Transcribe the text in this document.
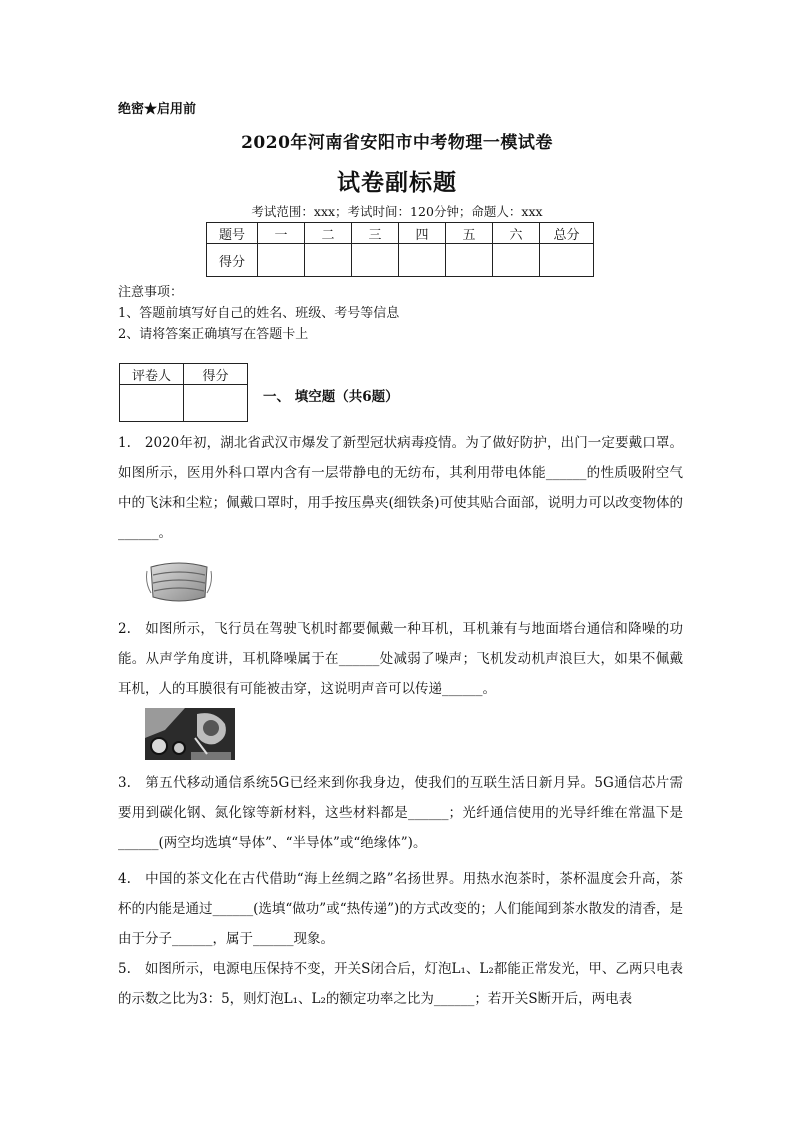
绝密★启用前
2020年河南省安阳市中考物理一模试卷
试卷副标题
考试范围：xxx；考试时间：120分钟；命题人：xxx
题号	一	二	三	四	五	六	总分
得分							
注意事项：
1、答题前填写好自己的姓名、班级、考号等信息
2、请将答案正确填写在答题卡上
评卷人	得分

一、 填空题（共6题）
1. 2020年初，湖北省武汉市爆发了新型冠状病毒疫情。为了做好防护，出门一定要戴口罩。如图所示，医用外科口罩内含有一层带静电的无纺布，其利用带电体能______的性质吸附空气中的飞沫和尘粒；佩戴口罩时，用手按压鼻夹(细铁条)可使其贴合面部，说明力可以改变物体的______。
2. 如图所示，飞行员在驾驶飞机时都要佩戴一种耳机，耳机兼有与地面塔台通信和降噪的功能。从声学角度讲，耳机降噪属于在______处减弱了噪声；飞机发动机声浪巨大，如果不佩戴耳机，人的耳膜很有可能被击穿，这说明声音可以传递______。
3. 第五代移动通信系统5G已经来到你我身边，使我们的互联生活日新月异。5G通信芯片需要用到碳化钢、氮化镓等新材料，这些材料都是______；光纤通信使用的光导纤维在常温下是______(两空均选填“导体”、“半导体”或“绝缘体”)。
4. 中国的茶文化在古代借助“海上丝绸之路”名扬世界。用热水泡茶时，茶杯温度会升高，茶杯的内能是通过______(选填“做功”或“热传递”)的方式改变的；人们能闻到茶水散发的清香，是由于分子______，属于______现象。
5. 如图所示，电源电压保持不变，开关S闭合后，灯泡L₁、L₂都能正常发光，甲、乙两只电表的示数之比为3：5，则灯泡L₁、L₂的额定功率之比为______；若开关S断开后，两电表
